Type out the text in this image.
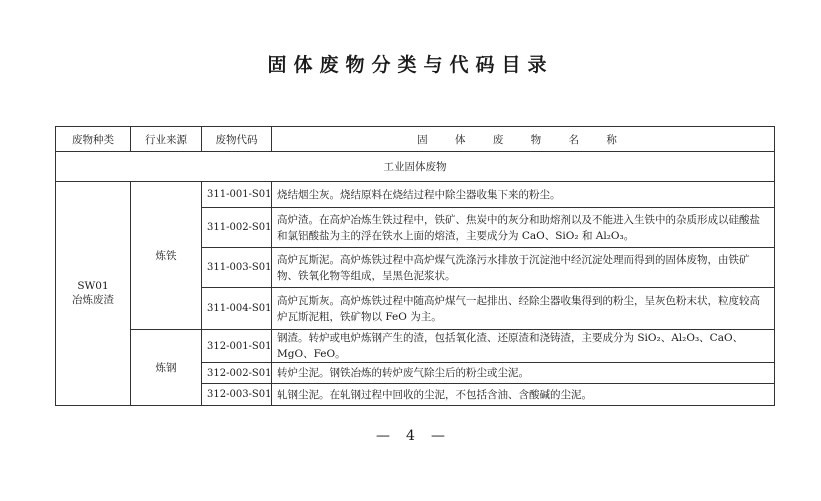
固体废物分类与代码目录
废物种类	行业来源	废物代码	固 体 废 物 名 称
工业固体废物			

SW01
冶炼废渣	炼铁	311-001-S01	烧结烟尘灰。烧结原料在烧结过程中除尘器收集下来的粉尘。
		311-002-S01	高炉渣。在高炉冶炼生铁过程中，铁矿、焦炭中的灰分和助熔剂以及不能进入生铁中的杂质形成以硅酸盐和氯铝酸盐为主的浮在铁水上面的熔渣，主要成分为 CaO、SiO₂ 和 Al₂O₃。
		311-003-S01	高炉瓦斯泥。高炉炼铁过程中高炉煤气洗涤污水排放于沉淀池中经沉淀处理而得到的固体废物，由铁矿物、铁氧化物等组成，呈黑色泥浆状。
		311-004-S01	高炉瓦斯灰。高炉炼铁过程中随高炉煤气一起排出、经除尘器收集得到的粉尘，呈灰色粉末状，粒度较高炉瓦斯泥粗，铁矿物以 FeO 为主。
	炼钢	312-001-S01	钢渣。转炉或电炉炼钢产生的渣，包括氧化渣、还原渣和浇铸渣，主要成分为 SiO₂、Al₂O₃、CaO、MgO、FeO。
		312-002-S01	转炉尘泥。钢铁冶炼的转炉废气除尘后的粉尘或尘泥。
		312-003-S01	轧钢尘泥。在轧钢过程中回收的尘泥，不包括含油、含酸碱的尘泥。
— 4 —
